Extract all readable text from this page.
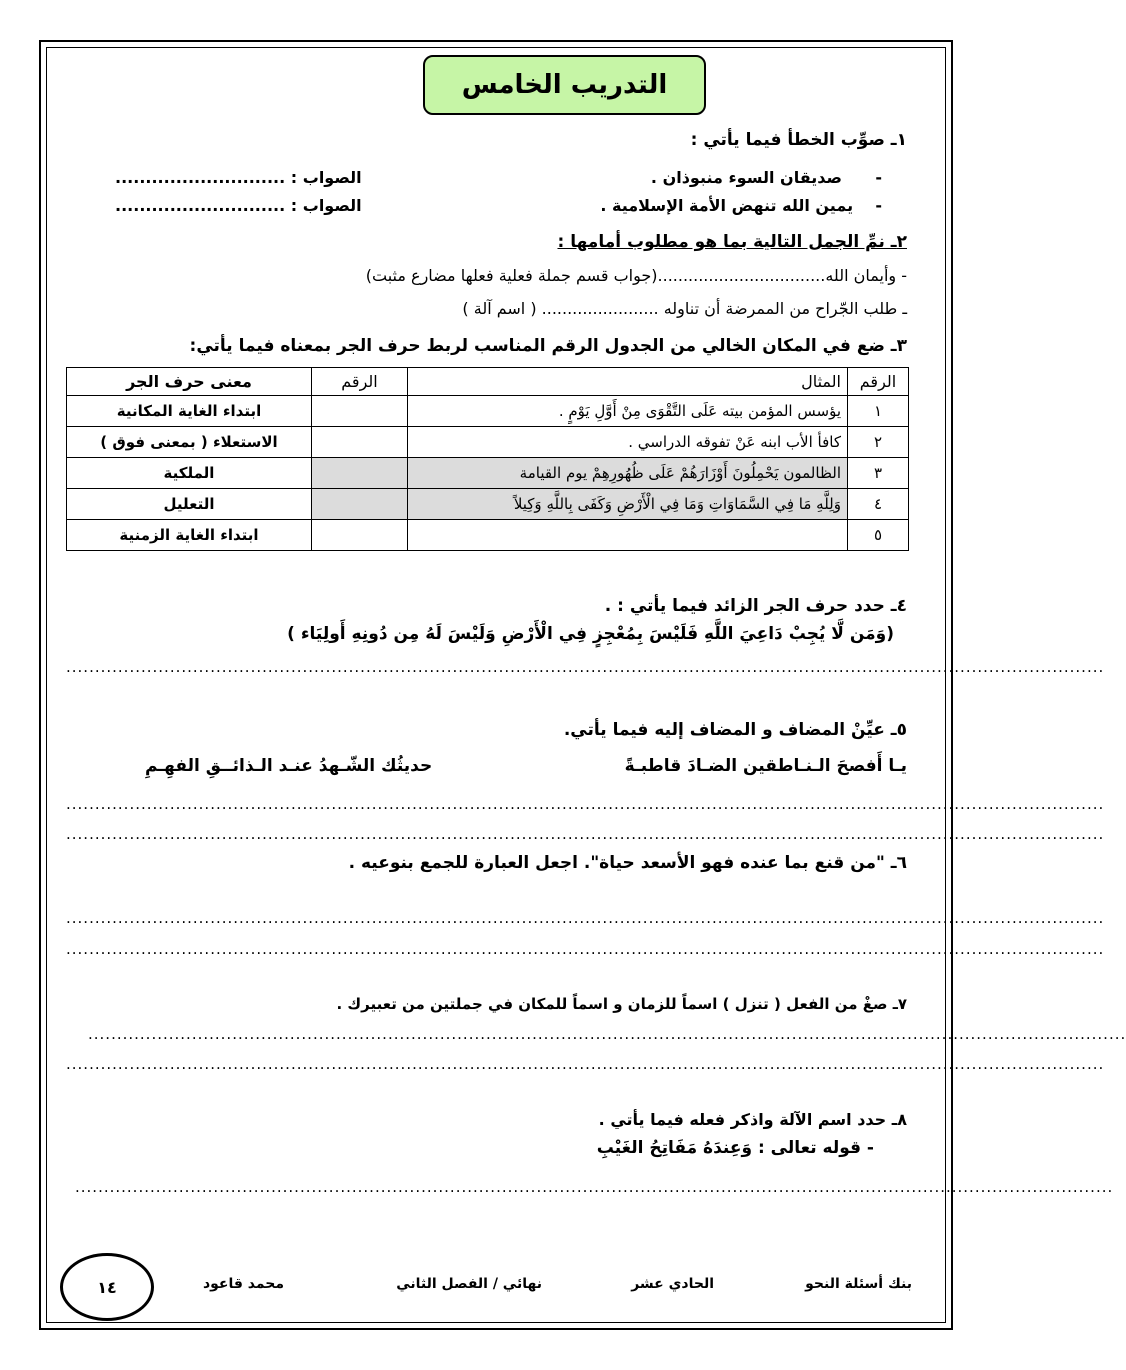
التدريب الخامس
١ـ صوِّب الخطأ فيما يأتي :
-      صديقان السوء منبوذان .
الصواب : ............................
-    يمين الله تنهض الأمة الإسلامية .
الصواب : ............................
٢ـ نمِّ الجمل التالية بما هو مطلوب أمامها :
- وأيمان الله.................................(جواب قسم جملة فعلية فعلها مضارع مثبت)
ـ طلب الجّراح من الممرضة أن تناوله ....................... ( اسم آلة )
٣ـ ضع في المكان الخالي من الجدول الرقم المناسب لربط حرف الجر بمعناه فيما يأتي:
الرقم	المثال	الرقم	معنى حرف الجر
١	يؤسس المؤمن بيته عَلَى التَّقْوَى مِنْ أَوَّلِ يَوْمٍ .		ابتداء الغاية المكانية
٢	كافأ الأب ابنه عَنْ تفوقه الدراسي .		الاستعلاء ( بمعنى فوق )
٣	الظالمون يَحْمِلُونَ أَوْزَارَهُمْ عَلَى ظُهُورِهِمْ يوم القيامة		الملكية
٤	وَلِلَّهِ مَا فِي السَّمَاوَاتِ وَمَا فِي الْأَرْضِ وَكَفَى بِاللَّهِ وَكِيلاً		التعليل
٥			ابتداء الغاية الزمنية
٤ـ حدد حرف الجر الزائد فيما يأتي : .
(وَمَن لَّا يُجِبْ دَاعِيَ اللَّهِ فَلَيْسَ بِمُعْجِزٍ فِي الْأَرْضِ وَلَيْسَ لَهُ مِن دُونِهِ أَولِيَاء )
....................................................................................................................................................................................
٥ـ عيِّنْ المضاف و المضاف إليه فيما يأتي.
يـا أَفصحَ الـنـاطقين الضـادَ قاطبـةً
حديثُك الشّـهدُ عنـد الـذائــقِ الفهِـمِ
....................................................................................................................................................................................
....................................................................................................................................................................................
٦ـ "من قنع بما عنده فهو الأسعد حياة". اجعل العبارة للجمع بنوعيه .
....................................................................................................................................................................................
....................................................................................................................................................................................
٧ـ صغْ من الفعل ( تنزل ) اسماً للزمان و اسماً للمكان في جملتين من تعبيرك .
....................................................................................................................................................................................
....................................................................................................................................................................................
٨ـ حدد اسم الآلة واذكر فعله فيما يأتي .
- قوله تعالى : وَعِندَهُ مَفَاتِحُ الغَيْبِ
....................................................................................................................................................................................
بنك أسئلة النحو
الحادي عشر
نهائي / الفصل الثاني
محمد قاعود
١٤
